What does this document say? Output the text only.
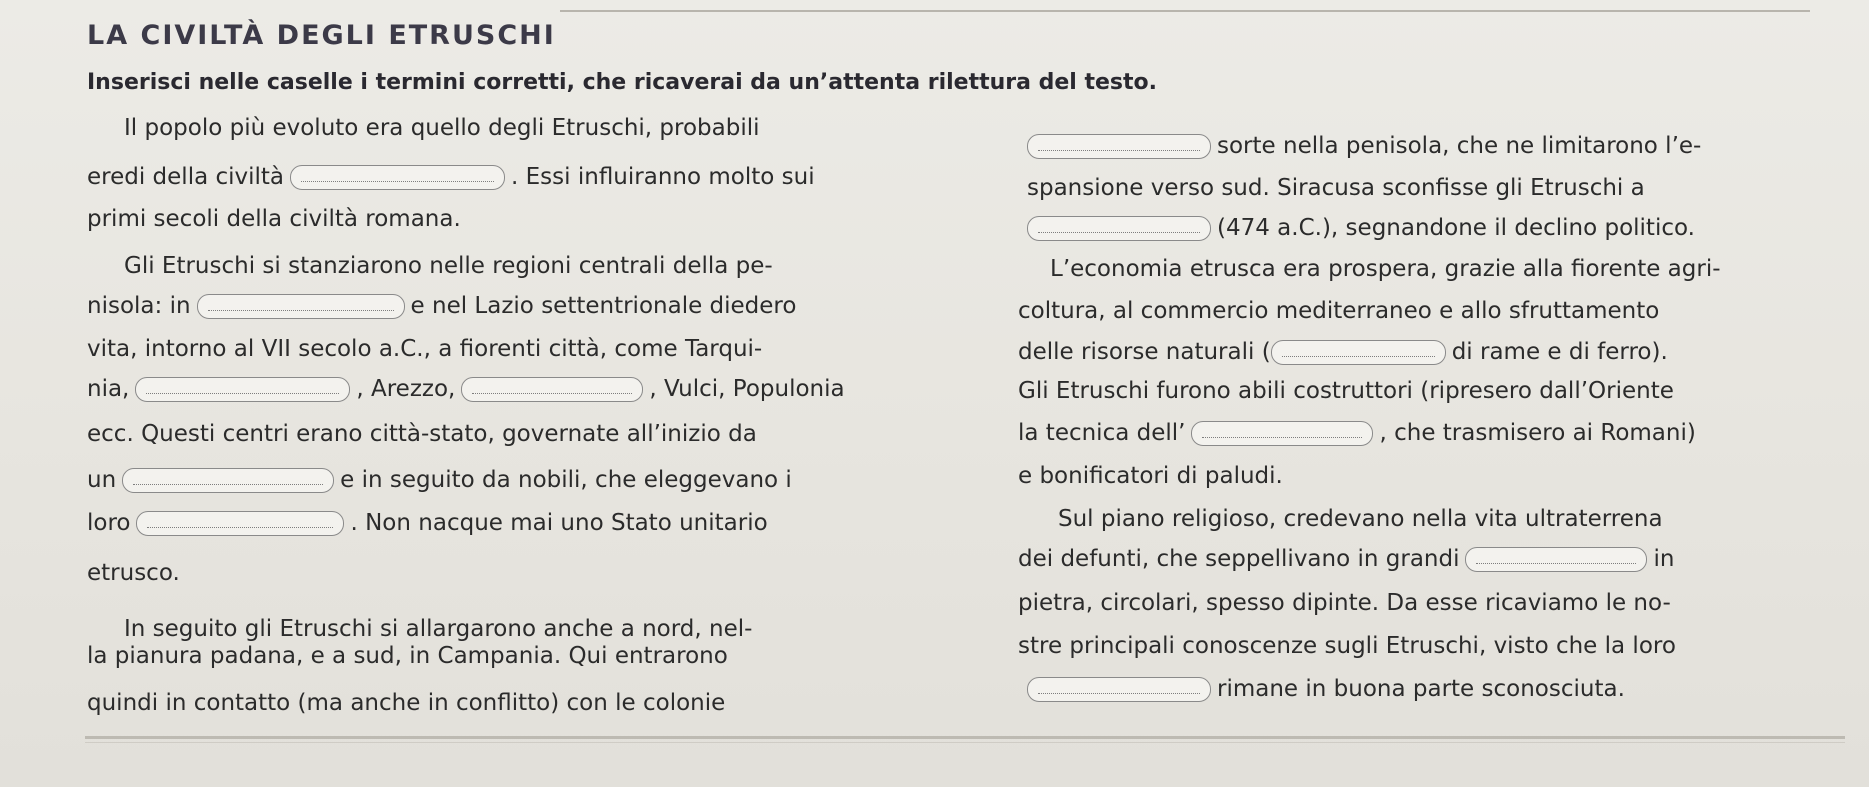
LA CIVILTÀ DEGLI ETRUSCHI

Inserisci nelle caselle i termini corretti, che ricaverai da un’attenta rilettura del testo.

Il popolo più evoluto era quello degli Etruschi, probabili
eredi della civiltà	. Essi influiranno molto sui
primi secoli della civiltà romana.
Gli Etruschi si stanziarono nelle regioni centrali della pe-
nisola: in	e nel Lazio settentrionale diedero
vita, intorno al VII secolo a.C., a fiorenti città, come Tarqui-
nia,	, Arezzo,	, Vulci, Populonia
ecc. Questi centri erano città-stato, governate all’inizio da
un	e in seguito da nobili, che eleggevano i
loro	. Non nacque mai uno Stato unitario
etrusco.
In seguito gli Etruschi si allargarono anche a nord, nel-
la pianura padana, e a sud, in Campania. Qui entrarono
quindi in contatto (ma anche in conflitto) con le colonie
sorte nella penisola, che ne limitarono l’e-
spansione verso sud. Siracusa sconfisse gli Etruschi a
(474 a.C.), segnandone il declino politico.
L’economia etrusca era prospera, grazie alla fiorente agri-
coltura, al commercio mediterraneo e allo sfruttamento
delle risorse naturali (	di rame e di ferro).
Gli Etruschi furono abili costruttori (ripresero dall’Oriente
la tecnica dell’	, che trasmisero ai Romani)
e bonificatori di paludi.
Sul piano religioso, credevano nella vita ultraterrena
dei defunti, che seppellivano in grandi	in
pietra, circolari, spesso dipinte. Da esse ricaviamo le no-
stre principali conoscenze sugli Etruschi, visto che la loro
rimane in buona parte sconosciuta.
